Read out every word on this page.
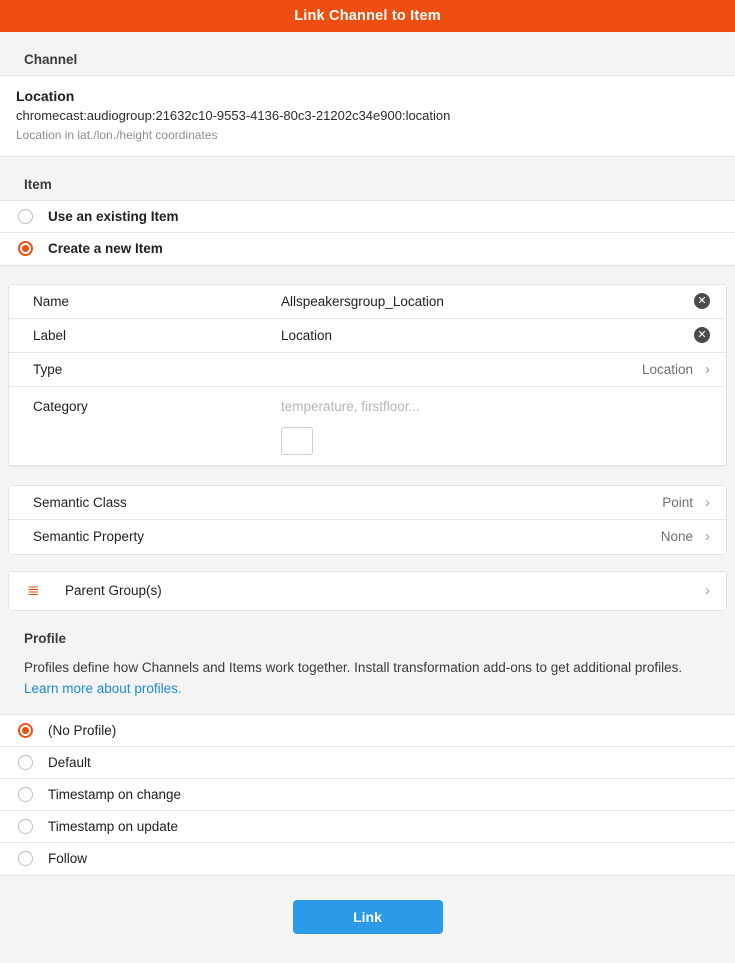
Link Channel to Item
Channel
Location
chromecast:audiogroup:21632c10-9553-4136-80c3-21202c34e900:location
Location in lat./lon./height coordinates
Item
Use an existing Item
Create a new Item
Name	Allspeakersgroup_Location	✕
Label	Location	✕
Type	Location ›
Category	temperature, firstfloor...
Semantic Class	Point ›
Semantic Property	None ›
≣	Parent Group(s)	›
Profile
Profiles define how Channels and Items work together. Install transformation add-ons to get additional profiles. Learn more about profiles.
(No Profile)
Default
Timestamp on change
Timestamp on update
Follow
Link
